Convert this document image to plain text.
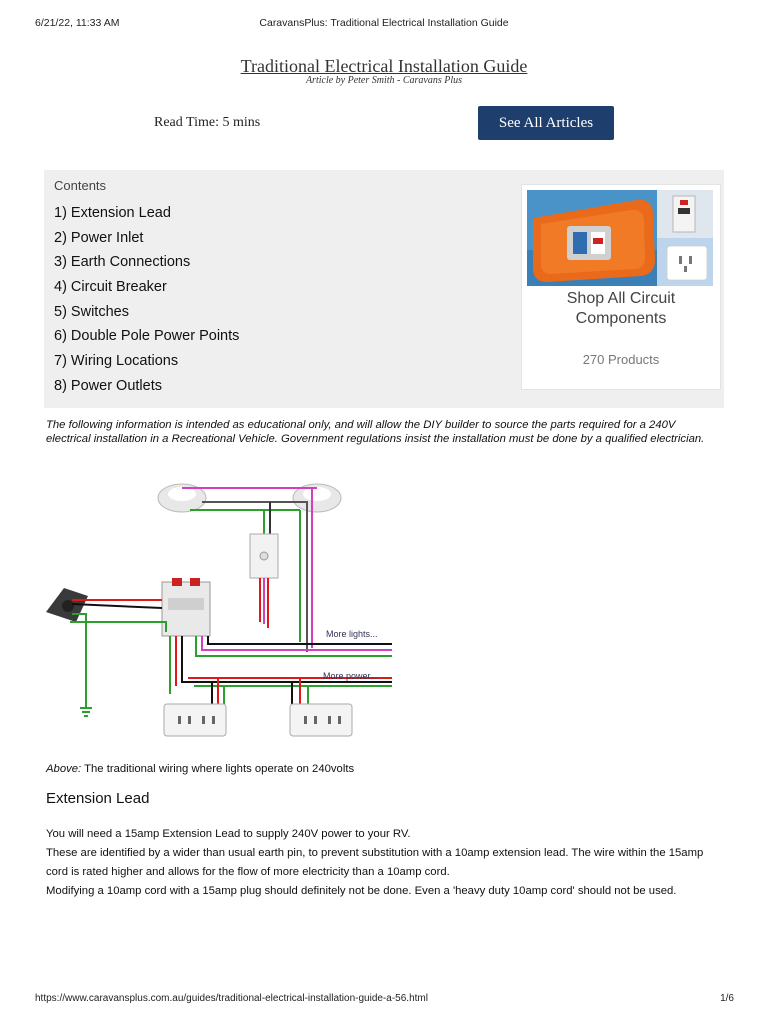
6/21/22, 11:33 AM	CaravansPlus: Traditional Electrical Installation Guide
Traditional Electrical Installation Guide
Article by Peter Smith - Caravans Plus
Read Time: 5 mins	See All Articles
Contents
1) Extension Lead
2) Power Inlet
3) Earth Connections
4) Circuit Breaker
5) Switches
6) Double Pole Power Points
7) Wiring Locations
8) Power Outlets
Shop All Circuit Components
270 Products
The following information is intended as educational only, and will allow the DIY builder to source the parts required for a 240V electrical installation in a Recreational Vehicle. Government regulations insist the installation must be done by a qualified electrician.
More lights...
More power...
Above: The traditional wiring where lights operate on 240volts
Extension Lead

You will need a 15amp Extension Lead to supply 240V power to your RV.

These are identified by a wider than usual earth pin, to prevent substitution with a 10amp extension lead. The wire within the 15amp cord is rated higher and allows for the flow of more electricity than a 10amp cord.

Modifying a 10amp cord with a 15amp plug should definitely not be done. Even a 'heavy duty 10amp cord' should not be used.

https://www.caravansplus.com.au/guides/traditional-electrical-installation-guide-a-56.html	1/6
